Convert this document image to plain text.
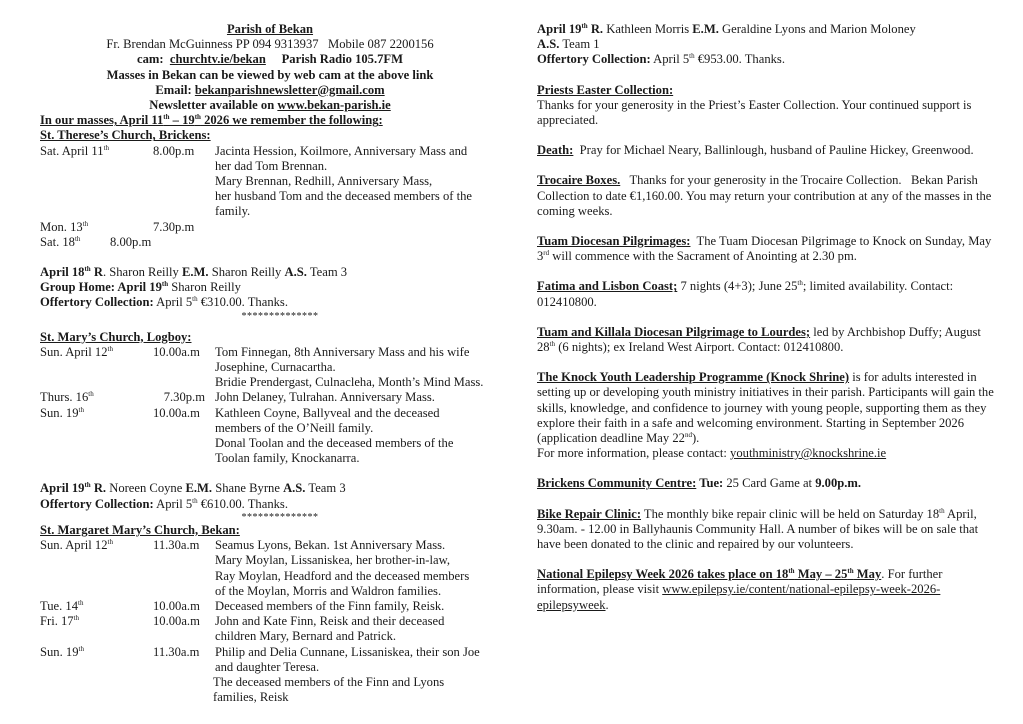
Parish of Bekan
Fr. Brendan McGuinness PP 094 9313937   Mobile 087 2200156
cam: churchtv.ie/bekan Parish Radio 105.7FM
Masses in Bekan can be viewed by web cam at the above link
Email: bekanparishnewsletter@gmail.com
Newsletter available on www.bekan-parish.ie
In our masses, April 11th – 19th 2026 we remember the following:
St. Therese’s Church, Brickens:
Sat. April 11th	8.00p.m	Jacinta Hession, Koilmore, Anniversary Mass and
her dad Tom Brennan.
Mary Brennan, Redhill, Anniversary Mass,
her husband Tom and the deceased members of the
family.
Mon. 13th	7.30p.m
Sat. 18th	8.00p.m
April 18th R. Sharon Reilly E.M. Sharon Reilly A.S. Team 3
Group Home: April 19th Sharon Reilly
Offertory Collection: April 5th €310.00. Thanks.
**************
St. Mary’s Church, Logboy:
Sun. April 12th	10.00a.m	Tom Finnegan, 8th Anniversary Mass and his wife
Josephine, Curnacartha.
Bridie Prendergast, Culnacleha, Month’s Mind Mass.
Thurs. 16th	7.30p.m John Delaney, Tulrahan. Anniversary Mass.
Sun. 19th	10.00a.m	Kathleen Coyne, Ballyveal and the deceased
members of the O’Neill family.
Donal Toolan and the deceased members of the
Toolan family, Knockanarra.
April 19th R. Noreen Coyne E.M. Shane Byrne A.S. Team 3
Offertory Collection: April 5th €610.00. Thanks.
**************
St. Margaret Mary’s Church, Bekan:
Sun. April 12th	11.30a.m	Seamus Lyons, Bekan. 1st Anniversary Mass.
Mary Moylan, Lissaniskea, her brother-in-law,
Ray Moylan, Headford and the deceased members
of the Moylan, Morris and Waldron families.
Tue. 14th	10.00a.m	Deceased members of the Finn family, Reisk.
Fri. 17th	10.00a.m	John and Kate Finn, Reisk and their deceased
children Mary, Bernard and Patrick.
Sun. 19th	11.30a.m	Philip and Delia Cunnane, Lissaniskea, their son Joe
and daughter Teresa.
The deceased members of the Finn and Lyons
families, Reisk
April 19th R. Kathleen Morris E.M. Geraldine Lyons and Marion Moloney
A.S. Team 1
Offertory Collection: April 5th €953.00. Thanks.
Priests Easter Collection:
Thanks for your generosity in the Priest’s Easter Collection. Your continued support is appreciated.
Death:  Pray for Michael Neary, Ballinlough, husband of Pauline Hickey, Greenwood.
Trocaire Boxes.   Thanks for your generosity in the Trocaire Collection.   Bekan Parish Collection to date €1,160.00. You may return your contribution at any of the masses in the coming weeks.
Tuam Diocesan Pilgrimages:  The Tuam Diocesan Pilgrimage to Knock on Sunday, May 3rd will commence with the Sacrament of Anointing at 2.30 pm.
Fatima and Lisbon Coast; 7 nights (4+3); June 25th; limited availability. Contact: 012410800.
Tuam and Killala Diocesan Pilgrimage to Lourdes; led by Archbishop Duffy; August 28th (6 nights); ex Ireland West Airport. Contact: 012410800.
The Knock Youth Leadership Programme (Knock Shrine) is for adults interested in setting up or developing youth ministry initiatives in their parish. Participants will gain the skills, knowledge, and confidence to journey with young people, supporting them as they explore their faith in a safe and welcoming environment. Starting in September 2026 (application deadline May 22nd).
For more information, please contact: youthministry@knockshrine.ie
Brickens Community Centre: Tue: 25 Card Game at 9.00p.m.
Bike Repair Clinic: The monthly bike repair clinic will be held on Saturday 18th April, 9.30am. - 12.00 in Ballyhaunis Community Hall. A number of bikes will be on sale that have been donated to the clinic and repaired by our volunteers.
National Epilepsy Week 2026 takes place on 18th May – 25th May. For further information, please visit www.epilepsy.ie/content/national-epilepsy-week-2026-epilepsyweek.
